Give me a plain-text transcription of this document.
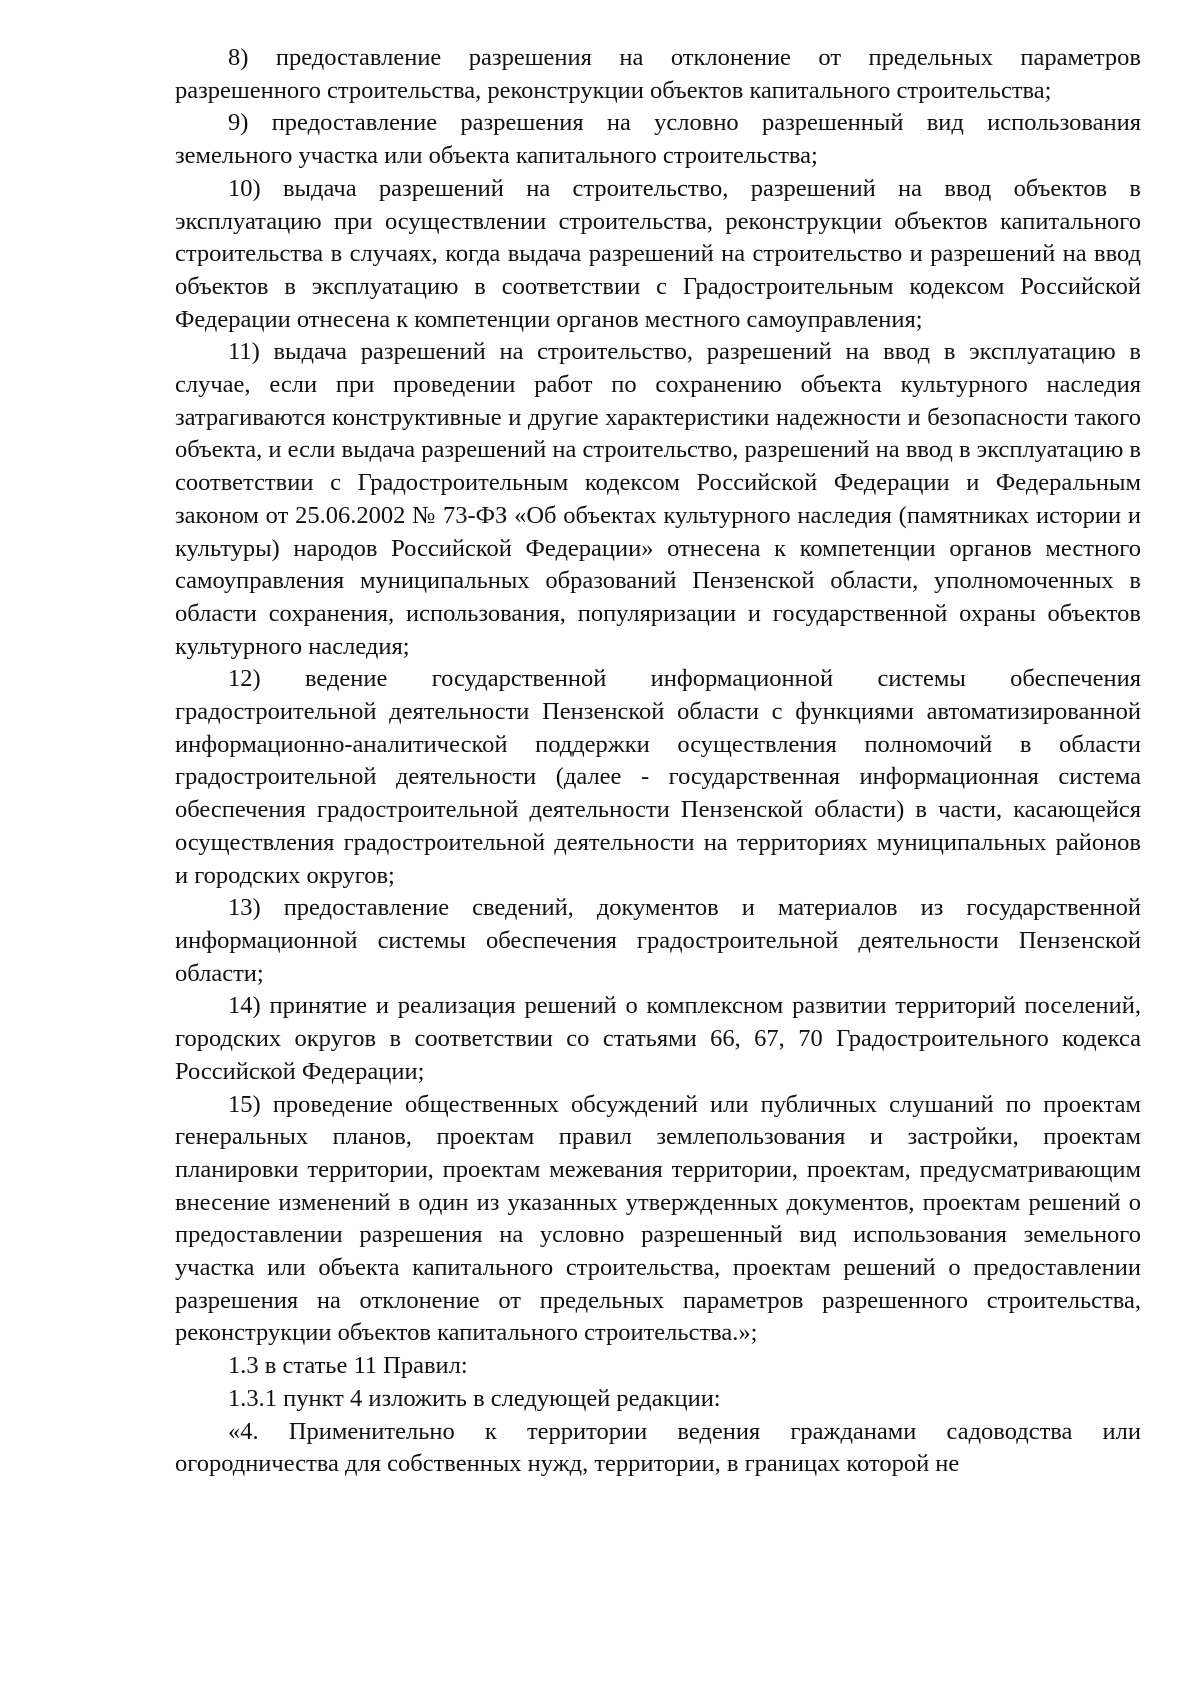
8) предоставление разрешения на отклонение от предельных параметров разрешенного строительства, реконструкции объектов капитального строительства;

9) предоставление разрешения на условно разрешенный вид использования земельного участка или объекта капитального строительства;

10) выдача разрешений на строительство, разрешений на ввод объектов в эксплуатацию при осуществлении строительства, реконструкции объектов капитального строительства в случаях, когда выдача разрешений на строительство и разрешений на ввод объектов в эксплуатацию в соответствии с Градостроительным кодексом Российской Федерации отнесена к компетенции органов местного самоуправления;

11) выдача разрешений на строительство, разрешений на ввод в эксплуатацию в случае, если при проведении работ по сохранению объекта культурного наследия затрагиваются конструктивные и другие характеристики надежности и безопасности такого объекта, и если выдача разрешений на строительство, разрешений на ввод в эксплуатацию в соответствии с Градостроительным кодексом Российской Федерации и Федеральным законом от 25.06.2002 № 73-ФЗ «Об объектах культурного наследия (памятниках истории и культуры) народов Российской Федерации» отнесена к компетенции органов местного самоуправления муниципальных образований Пензенской области, уполномоченных в области сохранения, использования, популяризации и государственной охраны объектов культурного наследия;

12) ведение государственной информационной системы обеспечения градостроительной деятельности Пензенской области с функциями автоматизированной информационно-аналитической поддержки осуществления полномочий в области градостроительной деятельности (далее - государственная информационная система обеспечения градостроительной деятельности Пензенской области) в части, касающейся осуществления градостроительной деятельности на территориях муниципальных районов и городских округов;

13) предоставление сведений, документов и материалов из государственной информационной системы обеспечения градостроительной деятельности Пензенской области;

14) принятие и реализация решений о комплексном развитии территорий поселений, городских округов в соответствии со статьями 66, 67, 70 Градостроительного кодекса Российской Федерации;

15) проведение общественных обсуждений или публичных слушаний по проектам генеральных планов, проектам правил землепользования и застройки, проектам планировки территории, проектам межевания территории, проектам, предусматривающим внесение изменений в один из указанных утвержденных документов, проектам решений о предоставлении разрешения на условно разрешенный вид использования земельного участка или объекта капитального строительства, проектам решений о предоставлении разрешения на отклонение от предельных параметров разрешенного строительства, реконструкции объектов капитального строительства.»;

1.3 в статье 11 Правил:

1.3.1 пункт 4 изложить в следующей редакции:

«4. Применительно к территории ведения гражданами садоводства или огородничества для собственных нужд, территории, в границах которой не
